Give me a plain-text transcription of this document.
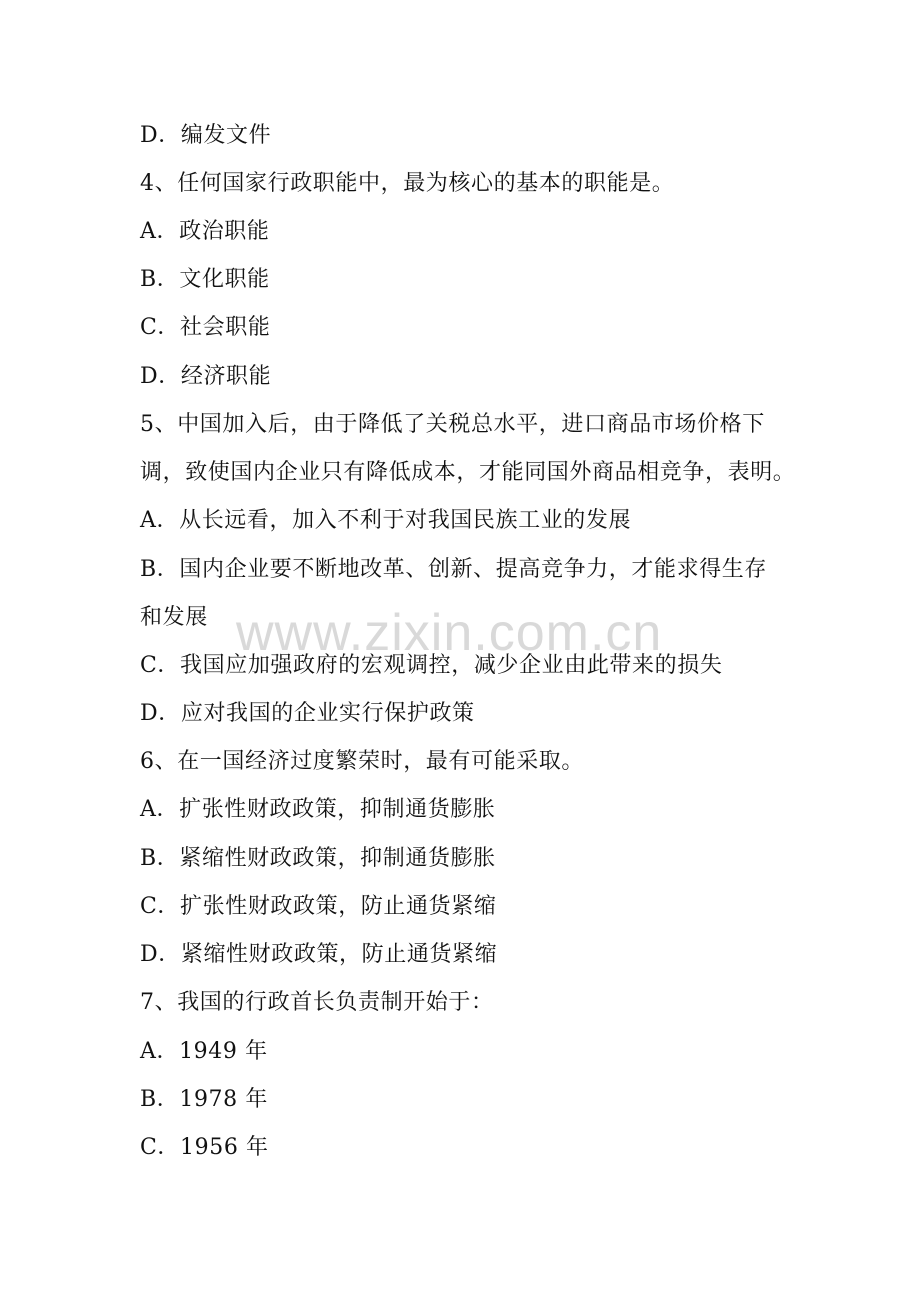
D．编发文件
4、任何国家行政职能中，最为核心的基本的职能是。
A．政治职能
B．文化职能
C．社会职能
D．经济职能
5、中国加入后，由于降低了关税总水平，进口商品市场价格下
调，致使国内企业只有降低成本，才能同国外商品相竞争，表明。
A．从长远看，加入不利于对我国民族工业的发展
B．国内企业要不断地改革、创新、提高竞争力，才能求得生存
和发展
C．我国应加强政府的宏观调控，减少企业由此带来的损失
D．应对我国的企业实行保护政策
6、在一国经济过度繁荣时，最有可能采取。
A．扩张性财政政策，抑制通货膨胀
B．紧缩性财政政策，抑制通货膨胀
C．扩张性财政政策，防止通货紧缩
D．紧缩性财政政策，防止通货紧缩
7、我国的行政首长负责制开始于：
A．1949 年
B．1978 年
C．1956 年
www.zixin.com.cn
